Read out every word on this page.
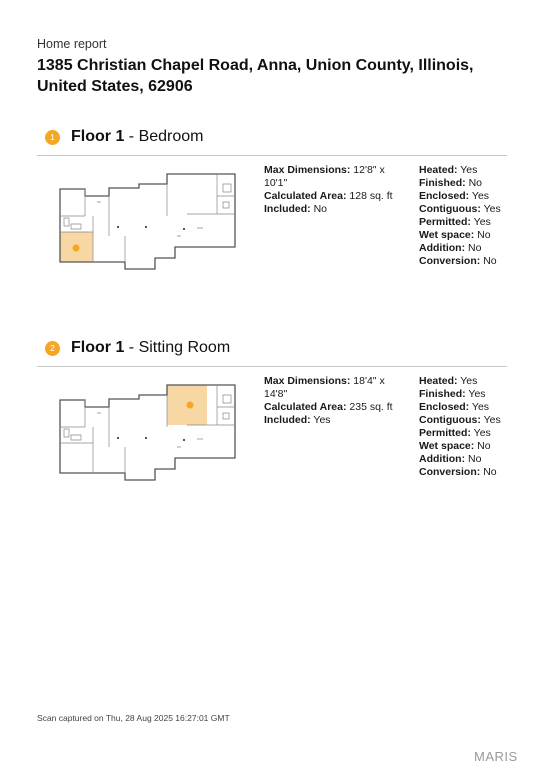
Home report
1385 Christian Chapel Road, Anna, Union County, Illinois, United States, 62906
1	Floor 1 - Bedroom
Max Dimensions: 12'8" x 10'1"
Calculated Area: 128 sq. ft
Included: No
Heated: Yes
Finished: No
Enclosed: Yes
Contiguous: Yes
Permitted: Yes
Wet space: No
Addition: No
Conversion: No
2	Floor 1 - Sitting Room
Max Dimensions: 18'4" x 14'8"
Calculated Area: 235 sq. ft
Included: Yes
Heated: Yes
Finished: Yes
Enclosed: Yes
Contiguous: Yes
Permitted: Yes
Wet space: No
Addition: No
Conversion: No
Scan captured on Thu, 28 Aug 2025 16:27:01 GMT
MARIS
